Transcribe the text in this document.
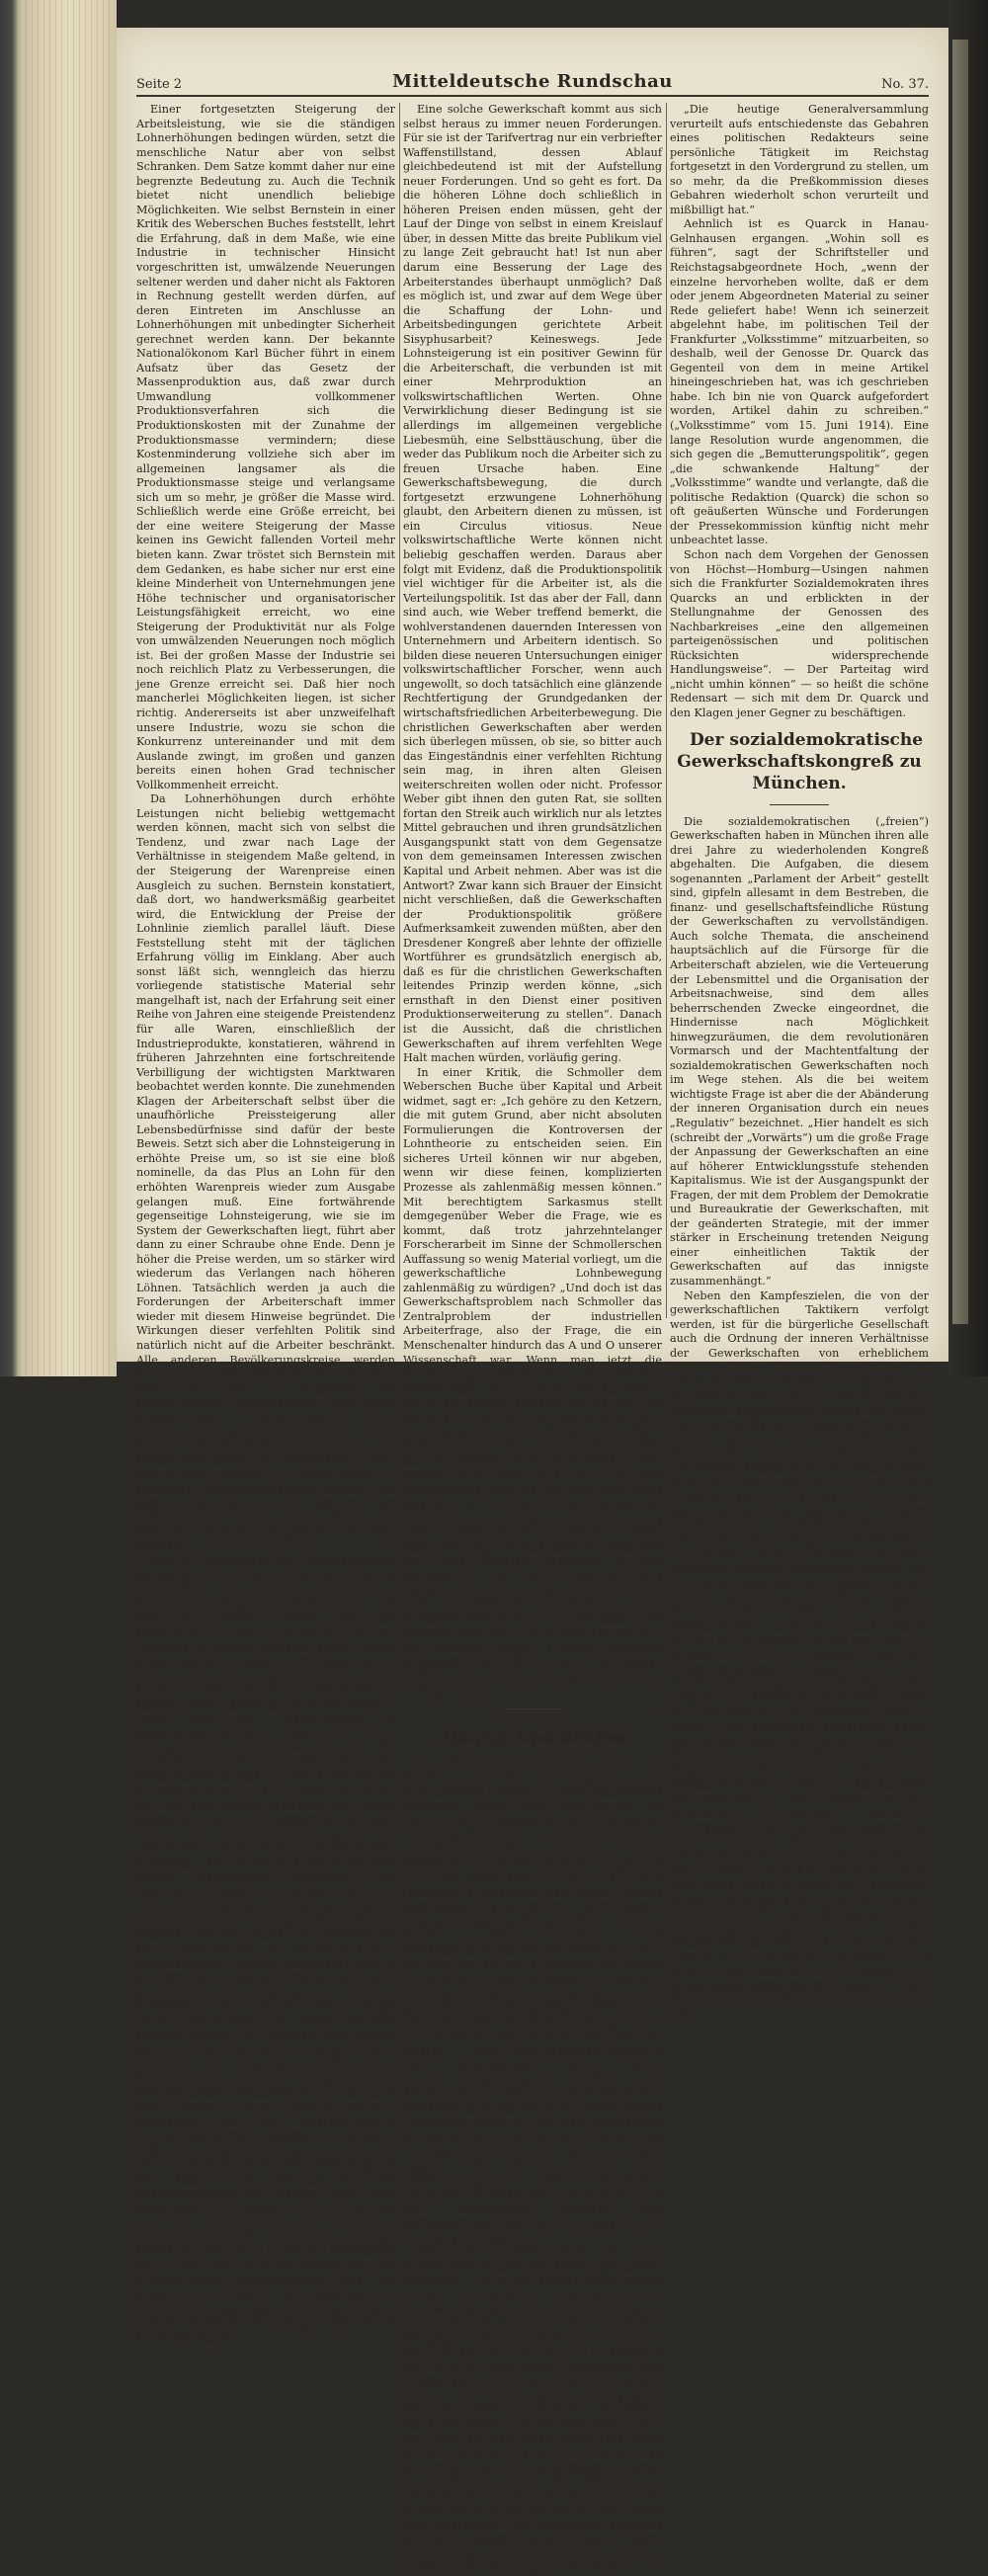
Seite 2	Mitteldeutsche Rundschau	No. 37.

Einer fortgesetzten Steigerung der Arbeitsleistung, wie sie die ständigen Lohnerhöhungen bedingen würden, setzt die menschliche Natur aber von selbst Schranken. Dem Satze kommt daher nur eine begrenzte Bedeutung zu. Auch die Technik bietet nicht unendlich beliebige Möglichkeiten. Wie selbst Bernstein in einer Kritik des Weberschen Buches feststellt, lehrt die Erfahrung, daß in dem Maße, wie eine Industrie in technischer Hinsicht vorgeschritten ist, umwälzende Neuerungen seltener werden und daher nicht als Faktoren in Rechnung gestellt werden dürfen, auf deren Eintreten im Anschlusse an Lohnerhöhungen mit unbedingter Sicherheit gerechnet werden kann. Der bekannte Nationalökonom Karl Bücher führt in einem Aufsatz über das Gesetz der Massenproduktion aus, daß zwar durch Umwandlung vollkommener Produktionsverfahren sich die Produktionskosten mit der Zunahme der Produktionsmasse vermindern; diese Kostenminderung vollziehe sich aber im allgemeinen langsamer als die Produktionsmasse steige und verlangsame sich um so mehr, je größer die Masse wird. Schließlich werde eine Größe erreicht, bei der eine weitere Steigerung der Masse keinen ins Gewicht fallenden Vorteil mehr bieten kann. Zwar tröstet sich Bernstein mit dem Gedanken, es habe sicher nur erst eine kleine Minderheit von Unternehmungen jene Höhe technischer und organisatorischer Leistungsfähigkeit erreicht, wo eine Steigerung der Produktivität nur als Folge von umwälzenden Neuerungen noch möglich ist. Bei der großen Masse der Industrie sei noch reichlich Platz zu Verbesserungen, die jene Grenze erreicht sei. Daß hier noch mancherlei Möglichkeiten liegen, ist sicher richtig. Andererseits ist aber unzweifelhaft unsere Industrie, wozu sie schon die Konkurrenz untereinander und mit dem Auslande zwingt, im großen und ganzen bereits einen hohen Grad technischer Vollkommenheit erreicht.

Da Lohnerhöhungen durch erhöhte Leistungen nicht beliebig wettgemacht werden können, macht sich von selbst die Tendenz, und zwar nach Lage der Verhältnisse in steigendem Maße geltend, in der Steigerung der Warenpreise einen Ausgleich zu suchen. Bernstein konstatiert, daß dort, wo handwerksmäßig gearbeitet wird, die Entwicklung der Preise der Lohnlinie ziemlich parallel läuft. Diese Feststellung steht mit der täglichen Erfahrung völlig im Einklang. Aber auch sonst läßt sich, wenngleich das hierzu vorliegende statistische Material sehr mangelhaft ist, nach der Erfahrung seit einer Reihe von Jahren eine steigende Preistendenz für alle Waren, einschließlich der Industrieprodukte, konstatieren, während in früheren Jahrzehnten eine fortschreitende Verbilligung der wichtigsten Marktwaren beobachtet werden konnte. Die zunehmenden Klagen der Arbeiterschaft selbst über die unaufhörliche Preissteigerung aller Lebensbedürfnisse sind dafür der beste Beweis. Setzt sich aber die Lohnsteigerung in erhöhte Preise um, so ist sie eine bloß nominelle, da das Plus an Lohn für den erhöhten Warenpreis wieder zum Ausgabe gelangen muß. Eine fortwährende gegenseitige Lohnsteigerung, wie sie im System der Gewerkschaften liegt, führt aber dann zu einer Schraube ohne Ende. Denn je höher die Preise werden, um so stärker wird wiederum das Verlangen nach höheren Löhnen. Tatsächlich werden ja auch die Forderungen der Arbeiterschaft immer wieder mit diesem Hinweise begründet. Die Wirkungen dieser verfehlten Politik sind natürlich nicht auf die Arbeiter beschränkt. Alle anderen Bevölkerungskreise werden dadurch in Mitleidenschaft gezogen. Man denke nur an die Beamten! Die fortschreitende Preissteigerung nötigt sie zu fortwährenden Forderungen auf Gehaltserhöhung, und dabei sehen sie zu ihrem Bedauern, daß sie stets noch der Gehaltserhöhungen in Wirklichkeit nicht besser stehen als früher. Und das alles einer verfehlten Gewerkschaftspolitik zuliebe, die dazu noch in weiten Kreisen der Oeffentlichkeit, denen die Einsicht in die Verhältnissen fehlt, unbegrenzte Sympathie genießt!

Daß die Wortführer der Gewerkschaften bemüht sind, diese ihnen unbequeme Logik anzufechten, ist nicht verwunderlich. Zwar können sie nicht ganz in Abrede stellen, daß auch die Arbeiter einen Teil der Preiserhöhung mittragen müssen, bestreiten aber, daß sie den erheblichen Teil sei. Dieser entfalle auf die wohlhabenden Schichten des Volkes; denn diese kauften die teueren Waren, in denen die meiste Arbeit stecke. Infolgedessen hätten die meisten Arbeiter, auch wenn die Lohnerhöhung in Preissteigerung sich umsetze, doch wenigstens einen Teilnutzen davon. Die Wortführer der Gewerkschaften übersehen dabei, daß der Bedarf an wertvolleren Gütern ein weit geringerer ist als an Massengütern, die von den breiten Schichten des Volkes gebraucht werden. Zusammenfassend sagt Weber in einer im Zentralblatt der christlichen Gewerkschaften veröffentlichten Antikritik: „Ein großer Teil der durch den Streik erzwungenen Erhöhung des Arbeitslohnes wird jedenfalls schließlich von Arbeitern als Konsumenten getragen werden müssen. Ein weiterer Teil geht den Arbeitern indirekt verloren durch die eigentlichen Kosten des Streiks.“ Der ganze Rest aber müsse von den Arbeitern aufgebracht werden in ihrer Eigenschaft als Produzenten. Auch dieser letzte Gesichtspunkt ist nicht zu übersehen. Denn wenn die Preise infolge einer Lohnerhöhung in einem Gewerbe steigen, müssen alle übrigen Volksklassen entweder ihren Bedarf einschränken, oder, wenn sie ihre Einkommensverhältnisse es ihnen erlauben, mehr Geld ausgeben bezw. ihre Ersparnisse reduzieren. Beides fällt aber der Produktion zur Last weil der Konsum zurückgeht und den Unternehmungen weniger Kapital zur Verfügung gestellt wird.

Daß diese Zusammenhänge den Wert der Gewerkschaft erheblich vermindern, liegt auf der Hand. Aber deshalb ist der Zusammenschluß der Arbeiter doch nicht überflüssig. Eine Organisation kann auch wie von den Arbeitern manches nützen in materieller sowohl wie in geistiger Beziehung. Sie braucht auch auf den Kampf nicht ein für allemal zu verzichten. Aber ihr grundsätzlicher Ausgangspunkt muß ein anderer sein. Nicht der Gedanke des natürlichen Gegensatzes zwischen Kapital und Arbeit darf ihre Grundlage bilden, wie es heute der Fall ist.

Eine solche Gewerkschaft kommt aus sich selbst heraus zu immer neuen Forderungen. Für sie ist der Tarifvertrag nur ein verbriefter Waffenstillstand, dessen Ablauf gleichbedeutend ist mit der Aufstellung neuer Forderungen. Und so geht es fort. Da die höheren Löhne doch schließlich in höheren Preisen enden müssen, geht der Lauf der Dinge von selbst in einem Kreislauf über, in dessen Mitte das breite Publikum viel zu lange Zeit gebraucht hat! Ist nun aber darum eine Besserung der Lage des Arbeiterstandes überhaupt unmöglich? Daß es möglich ist, und zwar auf dem Wege über die Schaffung der Lohn- und Arbeitsbedingungen gerichtete Arbeit Sisyphusarbeit? Keineswegs. Jede Lohnsteigerung ist ein positiver Gewinn für die Arbeiterschaft, die verbunden ist mit einer Mehrproduktion an volkswirtschaftlichen Werten. Ohne Verwirklichung dieser Bedingung ist sie allerdings im allgemeinen vergebliche Liebesmüh, eine Selbsttäuschung, über die weder das Publikum noch die Arbeiter sich zu freuen Ursache haben. Eine Gewerkschaftsbewegung, die durch fortgesetzt erzwungene Lohnerhöhung glaubt, den Arbeitern dienen zu müssen, ist ein Circulus vitiosus. Neue volkswirtschaftliche Werte können nicht beliebig geschaffen werden. Daraus aber folgt mit Evidenz, daß die Produktionspolitik viel wichtiger für die Arbeiter ist, als die Verteilungspolitik. Ist das aber der Fall, dann sind auch, wie Weber treffend bemerkt, die wohlverstandenen dauernden Interessen von Unternehmern und Arbeitern identisch. So bilden diese neueren Untersuchungen einiger volkswirtschaftlicher Forscher, wenn auch ungewollt, so doch tatsächlich eine glänzende Rechtfertigung der Grundgedanken der wirtschaftsfriedlichen Arbeiterbewegung. Die christlichen Gewerkschaften aber werden sich überlegen müssen, ob sie, so bitter auch das Eingeständnis einer verfehlten Richtung sein mag, in ihren alten Gleisen weiterschreiten wollen oder nicht. Professor Weber gibt ihnen den guten Rat, sie sollten fortan den Streik auch wirklich nur als letztes Mittel gebrauchen und ihren grundsätzlichen Ausgangspunkt statt von dem Gegensatze von dem gemeinsamen Interessen zwischen Kapital und Arbeit nehmen. Aber was ist die Antwort? Zwar kann sich Brauer der Einsicht nicht verschließen, daß die Gewerkschaften der Produktionspolitik größere Aufmerksamkeit zuwenden müßten, aber den Dresdener Kongreß aber lehnte der offizielle Wortführer es grundsätzlich energisch ab, daß es für die christlichen Gewerkschaften leitendes Prinzip werden könne, „sich ernsthaft in den Dienst einer positiven Produktionserweiterung zu stellen“. Danach ist die Aussicht, daß die christlichen Gewerkschaften auf ihrem verfehlten Wege Halt machen würden, vorläufig gering.

In einer Kritik, die Schmoller dem Weberschen Buche über Kapital und Arbeit widmet, sagt er: „Ich gehöre zu den Ketzern, die mit gutem Grund, aber nicht absoluten Formulierungen die Kontroversen der Lohntheorie zu entscheiden seien. Ein sicheres Urteil können wir nur abgeben, wenn wir diese feinen, komplizierten Prozesse als zahlenmäßig messen können.“ Mit berechtigtem Sarkasmus stellt demgegenüber Weber die Frage, wie es kommt, daß trotz jahrzehntelanger Forscherarbeit im Sinne der Schmollerschen Auffassung so wenig Material vorliegt, um die gewerkschaftliche Lohnbewegung zahlenmäßig zu würdigen? „Und doch ist das Gewerkschaftsproblem nach Schmoller das Zentralproblem der industriellen Arbeiterfrage, also der Frage, die ein Menschenalter hindurch das A und O unserer Wissenschaft war. Wenn man jetzt die Beweislast ganz den zuschiebt, die nicht ohne revolutionäre die Dogmen der historisch-ethischen Schule glauben, so ist das ein Vorgang, der nicht gerade geeignet ist, den Niedergang dieser Richtung aufzuhalten.“ Sicherlich ist das Zahlenmaterial über manche wichtige Frage zur Beurteilung der Gewerkschaftsbewegung heute noch sehr unzureichend, und es ist wohl überhaupt fraglich, ob es bei dem Mangel an statistischen Unterlagen jemals in völlig befriedigender Weise beigebracht werden kann. Die Folge ist, daß man zur Erfassung der noch dunklen Probleme in der Hauptsache auf den deduktiven Weg angewiesen ist. Diesen Weg hat Weber denn auch vornehmlich beschritten. Seine Gedankenentwicklung hat jedenfalls die Logik für sich und ist um so beachtenswerter, als Praktiker längst ähnliche Ansichten ausgesprochen haben. Eine stichhaltige Widerlegung haben seine Ansichten bisher nicht gefunden.

Quarck und Brühne.

Im Jahre 1886 wurde der Referendar Dr. Quarck wegen Beteiligung an Umsturzbestrebungen aus dem Staatsdienst entlassen. Ueber Wien kam er an die demokratische „Frankfurter Zeitung“, die er 1891 verließ, um 1893 in die Redaktion der sozialdemokratischen „Volksstimme“ zu Frankfurt einzutreten. Quarck drängt sich gern vor; diese Eigenschaft hat ihm den Genossen Stadtverordneten schon einmal Veranlassung gegeben, mit dem Namen Quarck allerlei Spott zu treiben. Seitdem Quarck 1912 auch noch Reichstagsabgeordneter geworden ist, soll er von der übertragenden geistigen Bedeutung seiner Persönlichkeit derartig überzeugt sein, daß das Frankfurter „Volksstimme“ sich gänzlich seiner selbstgefälligen Arbeitsweise anpassen muß. „Aus dem Reichstage“ oder aus Berlin schreibt uns der Genosse Dr. Quarck“ — wurde zur stehenden Rubrik in der „Volksstimme“. Ueber diese selbstbeweihräucherung mußte der Schuhmacher Brühne, sozialdemokratischer Reichstagsabgeordneter des Kreises Höchst—Homburg—Usingen, und der Schriftsteller Richard Hoch, sozialdemokratischer Kandidat für Hanau—Gelnhausen, sich schließlich ärgern, da diese Kreise zum Verbreitungsgebiet der Frankfurter „Volksstimme“ gehörten und Quarck ihnen alle einträglichen Berichte und Stimmungsbilder aus dem Reichstag vor der Nase wegschnappte.

Der aufgespeicherte Groll kam zum Ausbruch als Quarck „der Zeilenjäger auf der Mainlinie“, wie er von den Radikalen wegen seiner unklaren revisionistischen Anschauungen genannt wird, dem „Kollegen“ Brühne das Material über das Frankfurter Telegraphenamt zu einer Rede im Reichstag übergab. So gut er es verstand, hat Brühne das Leder zu einem Stiefel verarbeitet; aber Quarck gefiel der Stiefel nicht, den sich Brühne im Reichstag zusammengereder hatte; er polierte und lackierte an Brühnes Machwerk herum und bemerkte eitel, daß er das Leder geliefert hätte. Voller Entrüstung wehrte sich Brühne gegen die nicht richtige Wiedergabe seiner Ausführungen, zumal „nach diesem Artikel die Meinung zu bestehen scheine, als habe mir Genosse Dr. Quarck ein fertiges Manuskript zu meiner Rede übergeben“. Die Genossen des Kreises Höchst—Homburg—Usingen taten dann ihrem Abgeordneten Brühne auch den Gefallen und faßten folgende Resolution:

„Die heutige Generalversammlung verurteilt aufs entschiedenste das Gebahren eines politischen Redakteurs seine persönliche Tätigkeit im Reichstag fortgesetzt in den Vordergrund zu stellen, um so mehr, da die Preßkommission dieses Gebahren wiederholt schon verurteilt und mißbilligt hat.“

Aehnlich ist es Quarck in Hanau-Gelnhausen ergangen. „Wohin soll es führen“, sagt der Schriftsteller und Reichstagsabgeordnete Hoch, „wenn der einzelne hervorheben wollte, daß er dem oder jenem Abgeordneten Material zu seiner Rede geliefert habe! Wenn ich seinerzeit abgelehnt habe, im politischen Teil der Frankfurter „Volksstimme“ mitzuarbeiten, so deshalb, weil der Genosse Dr. Quarck das Gegenteil von dem in meine Artikel hineingeschrieben hat, was ich geschrieben habe. Ich bin nie von Quarck aufgefordert worden, Artikel dahin zu schreiben.“ („Volksstimme“ vom 15. Juni 1914). Eine lange Resolution wurde angenommen, die sich gegen die „Bemutterungspolitik“, gegen „die schwankende Haltung“ der „Volksstimme“ wandte und verlangte, daß die politische Redaktion (Quarck) die schon so oft geäußerten Wünsche und Forderungen der Pressekommission künftig nicht mehr unbeachtet lasse.

Schon nach dem Vorgehen der Genossen von Höchst—Homburg—Usingen nahmen sich die Frankfurter Sozialdemokraten ihres Quarcks an und erblickten in der Stellungnahme der Genossen des Nachbarkreises „eine den allgemeinen parteigenössischen und politischen Rücksichten widersprechende Handlungsweise“. — Der Parteitag wird „nicht umhin können“ — so heißt die schöne Redensart — sich mit dem Dr. Quarck und den Klagen jener Gegner zu beschäftigen.

Der sozialdemokratische Gewerkschaftskongreß zu München.

Die sozialdemokratischen („freien“) Gewerkschaften haben in München ihren alle drei Jahre zu wiederholenden Kongreß abgehalten. Die Aufgaben, die diesem sogenannten „Parlament der Arbeit“ gestellt sind, gipfeln allesamt in dem Bestreben, die finanz- und gesellschaftsfeindliche Rüstung der Gewerkschaften zu vervollständigen. Auch solche Themata, die anscheinend hauptsächlich auf die Fürsorge für die Arbeiterschaft abzielen, wie die Verteuerung der Lebensmittel und die Organisation der Arbeitsnachweise, sind dem alles beherrschenden Zwecke eingeordnet, die Hindernisse nach Möglichkeit hinwegzuräumen, die dem revolutionären Vormarsch und der Machtentfaltung der sozialdemokratischen Gewerkschaften noch im Wege stehen. Als die bei weitem wichtigste Frage ist aber die der Abänderung der inneren Organisation durch ein neues „Regulativ“ bezeichnet. „Hier handelt es sich (schreibt der „Vorwärts“) um die große Frage der Anpassung der Gewerkschaften an eine auf höherer Entwicklungsstufe stehenden Kapitalismus. Wie ist der Ausgangspunkt der Fragen, der mit dem Problem der Demokratie und Bureaukratie der Gewerkschaften, mit der geänderten Strategie, mit der immer stärker in Erscheinung tretenden Neigung einer einheitlichen Taktik der Gewerkschaften auf das innigste zusammenhängt.“

Neben den Kampfeszielen, die von der gewerkschaftlichen Taktikern verfolgt werden, ist für die bürgerliche Gesellschaft auch die Ordnung der inneren Verhältnisse der Gewerkschaften von erheblichem Interesse. Was es hiermit auf sich hat, ist sofort angedeutet werden. Die Gegenrüstung der Arbeitgeber ist so ausgebaut, daß die willkürlich angezettelten Streiks das Risiko eines langwierigen, verlustreichen Kampfes immer größer wird. Die Mittel der Allgemeinheit wurden infolgedessen von den streikenden Frankfurters in beträchtlichem Umfange in Anspruch genommen, ohne daß häufig ein greifbarer Erfolg von unbedacht und mit viel zu schwachen Kräften unternommenen Ausständen sich erwarten ließe. Daher soll die Frage der Unterstützung bei Streiks und Aussperrungen einer strafferen Regelung unterzogen werden. Die in einen Streik eintretenden Verbände sollen zunächst auf ihre eigenen Kräfte sich stützen, die finanzielle Beihilfe der größeren Organisationen aber nur nach einem geordneten Verfahren gewährt werden. Der Respekt vor der konzentrierten Macht des Unternehmertums bedingt eben eine straffere Zügelung der Streiklustigen. Das „Regulativ“ soll ferner die Entscheidung über Grenzstreitigkeiten in geordnete Bahnen lenken. Die bisherigen Kongresse haben grundsätzlich daran festgehalten, daß nicht der Betrieb, sondern der Beruf für die Zugehörigkeit der einzelnen Arbeiter zur Organisation entscheidend ist. Nun hat aber die Entwicklung die Arbeit in der Berufsarbeit fortgesetzt zahlreiche Uebergänge in andere Verbandskörper zur Folge, was zu dauernd Streitigkeiten verursacht, da die Leistungen nicht überall die gleichen sind und die alten Ansprüche vom neuen Verbande nicht mehr anerkannt werden. Uebergang und Ausgleich sollen daher erleichtert werden. Wie das geschieht, geht nur die beteiligten „Genossen“ an. Von prinzipieller Bedeutung ist dagegen das erneute Hervortreten der Forderung, daß Betriebsorganisation vor dem Vorzug vor der Gewerkschaftsorganisation erhalten soll. Hiernach würden alle „Genossen“ in einem indu-
